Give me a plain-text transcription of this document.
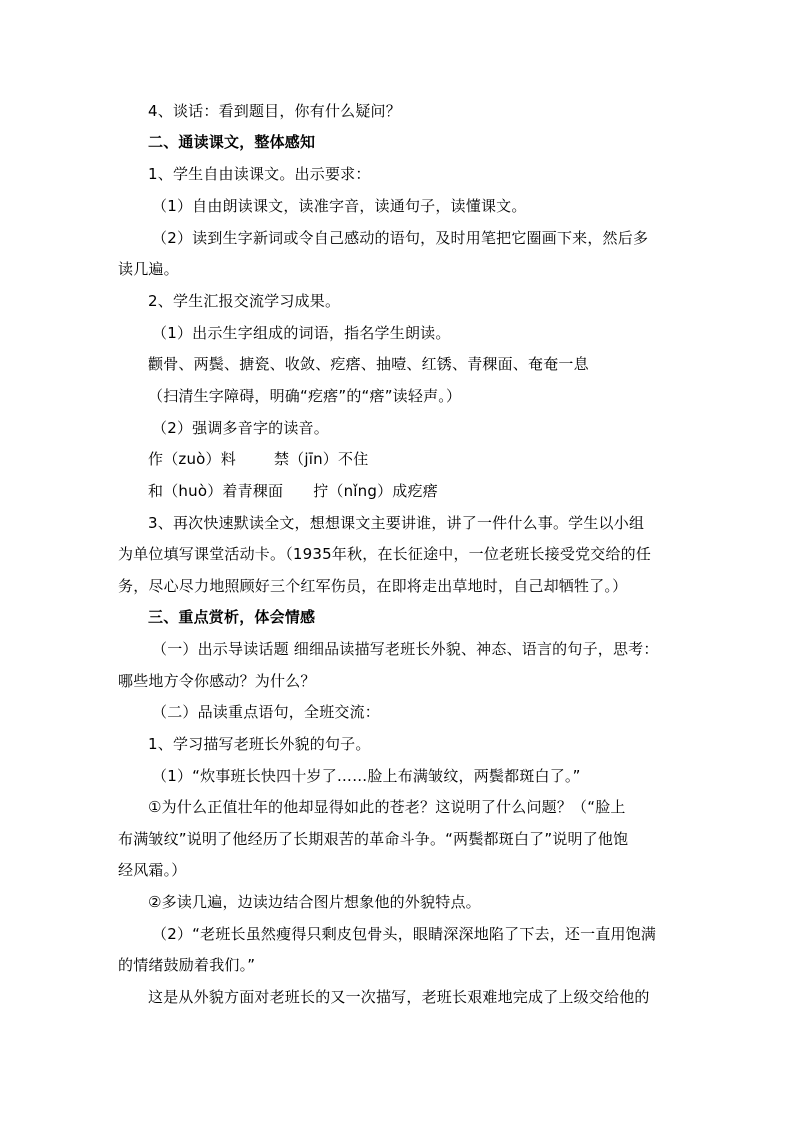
4、谈话：看到题目，你有什么疑问？
二、通读课文，整体感知
1、学生自由读课文。出示要求：
（1）自由朗读课文，读准字音，读通句子，读懂课文。
（2）读到生字新词或令自己感动的语句，及时用笔把它圈画下来，然后多
读几遍。
2、学生汇报交流学习成果。
（1）出示生字组成的词语，指名学生朗读。
颧骨、两鬓、搪瓷、收敛、疙瘩、抽噎、红锈、青稞面、奄奄一息
（扫清生字障碍，明确“疙瘩”的“瘩”读轻声。）
（2）强调多音字的读音。
作（zuò）料	禁（jīn）不住
和（huò）着青稞面 拧（nǐng）成疙瘩
3、再次快速默读全文，想想课文主要讲谁，讲了一件什么事。学生以小组
为单位填写课堂活动卡。（1935年秋，在长征途中，一位老班长接受党交给的任
务，尽心尽力地照顾好三个红军伤员，在即将走出草地时，自己却牺牲了。）
三、重点赏析，体会情感
（一）出示导读话题 细细品读描写老班长外貌、神态、语言的句子，思考：
哪些地方令你感动？为什么？
（二）品读重点语句，全班交流：
1、学习描写老班长外貌的句子。
（1）“炊事班长快四十岁了……脸上布满皱纹，两鬓都斑白了。”
①为什么正值壮年的他却显得如此的苍老？这说明了什么问题？（“脸上
布满皱纹”说明了他经历了长期艰苦的革命斗争。“两鬓都斑白了”说明了他饱
经风霜。）
②多读几遍，边读边结合图片想象他的外貌特点。
（2）“老班长虽然瘦得只剩皮包骨头，眼睛深深地陷了下去，还一直用饱满
的情绪鼓励着我们。”
这是从外貌方面对老班长的又一次描写，老班长艰难地完成了上级交给他的
